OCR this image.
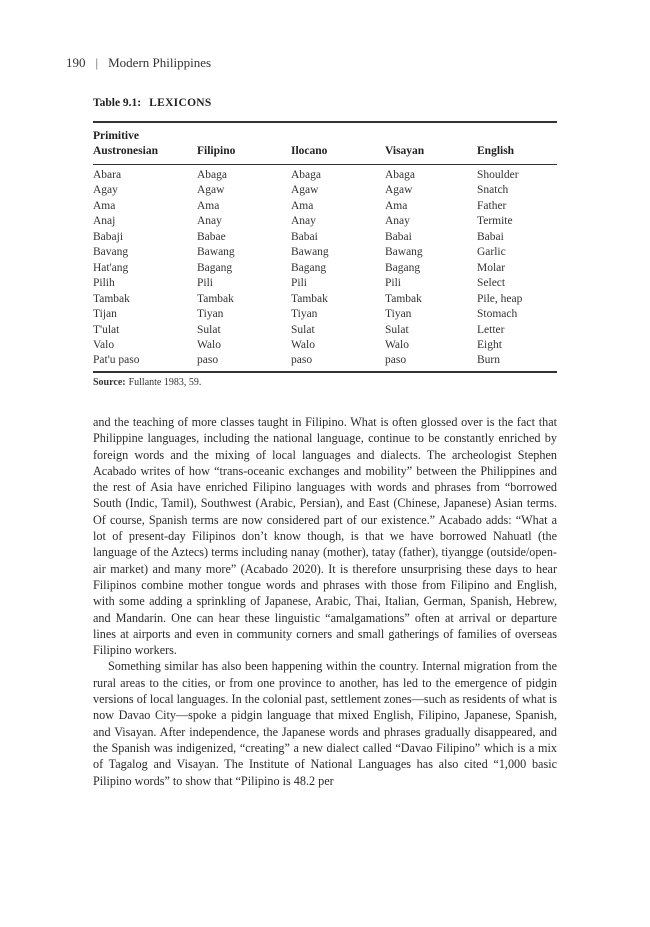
190 | Modern Philippines
Table 9.1: LEXICONS
Primitive
Austronesian	Filipino	Ilocano	Visayan	English
Abara	Abaga	Abaga	Abaga	Shoulder
Agay	Agaw	Agaw	Agaw	Snatch
Ama	Ama	Ama	Ama	Father
Anaj	Anay	Anay	Anay	Termite
Babaji	Babae	Babai	Babai	Babai
Bavang	Bawang	Bawang	Bawang	Garlic
Hat'ang	Bagang	Bagang	Bagang	Molar
Pilih	Pili	Pili	Pili	Select
Tambak	Tambak	Tambak	Tambak	Pile, heap
Tijan	Tiyan	Tiyan	Tiyan	Stomach
T'ulat	Sulat	Sulat	Sulat	Letter
Valo	Walo	Walo	Walo	Eight
Pat'u paso	paso	paso	paso	Burn
Source: Fullante 1983, 59.

and the teaching of more classes taught in Filipino. What is often glossed over is the fact that Philippine languages, including the national language, continue to be constantly enriched by foreign words and the mixing of local languages and dialects. The archeologist Stephen Acabado writes of how “trans-oceanic exchanges and mobility” between the Philippines and the rest of Asia have enriched Filipino languages with words and phrases from “borrowed South (Indic, Tamil), Southwest (Arabic, Persian), and East (Chinese, Japanese) Asian terms. Of course, Spanish terms are now considered part of our existence.” Acabado adds: “What a lot of present-day Filipinos don’t know though, is that we have borrowed Nahuatl (the language of the Aztecs) terms including nanay (mother), tatay (father), tiyangge (outside/open-air market) and many more” (Acabado 2020). It is therefore unsurprising these days to hear Filipinos combine mother tongue words and phrases with those from Filipino and English, with some adding a sprinkling of Japanese, Arabic, Thai, Italian, German, Spanish, Hebrew, and Mandarin. One can hear these linguistic “amalgamations” often at arrival or departure lines at airports and even in community corners and small gatherings of families of overseas Filipino workers.

Something similar has also been happening within the country. Internal migration from the rural areas to the cities, or from one province to another, has led to the emergence of pidgin versions of local languages. In the colonial past, settlement zones—such as residents of what is now Davao City—spoke a pidgin language that mixed English, Filipino, Japanese, Spanish, and Visayan. After independence, the Japanese words and phrases gradually disappeared, and the Spanish was indigenized, “creating” a new dialect called “Davao Filipino” which is a mix of Tagalog and Visayan. The Institute of National Languages has also cited “1,000 basic Pilipino words” to show that “Pilipino is 48.2 per
